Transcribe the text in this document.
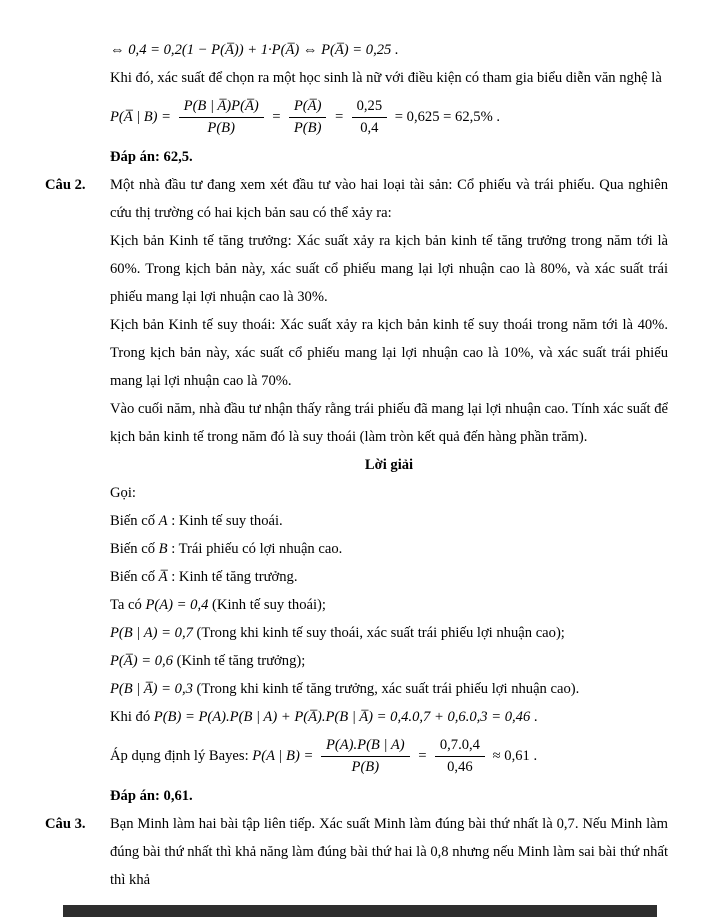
⇔ 0,4 = 0,2(1 − P(A̅)) + 1·P(A̅) ⇔ P(A̅) = 0,25 .

Khi đó, xác suất để chọn ra một học sinh là nữ với điều kiện có tham gia biểu diễn văn nghệ là

P(A̅ | $B) = \frac{P(B | A̅)P(A̅)}{P(B)} = \frac{P(A̅)}{P(B)} = \frac{0,25}{0,4} = 0,625 = 62,5\%$ .

Đáp án: 62,5.

Câu 2. Một nhà đầu tư đang xem xét đầu tư vào hai loại tài sản: Cổ phiếu và trái phiếu. Qua nghiên cứu thị trường có hai kịch bản sau có thể xảy ra:

Kịch bản Kinh tế tăng trưởng: Xác suất xảy ra kịch bản kinh tế tăng trưởng trong năm tới là 60%. Trong kịch bản này, xác suất cổ phiếu mang lại lợi nhuận cao là 80%, và xác suất trái phiếu mang lại lợi nhuận cao là 30%.

Kịch bản Kinh tế suy thoái: Xác suất xảy ra kịch bản kinh tế suy thoái trong năm tới là 40%. Trong kịch bản này, xác suất cổ phiếu mang lại lợi nhuận cao là 10%, và xác suất trái phiếu mang lại lợi nhuận cao là 70%.

Vào cuối năm, nhà đầu tư nhận thấy rằng trái phiếu đã mang lại lợi nhuận cao. Tính xác suất để kịch bản kinh tế trong năm đó là suy thoái (làm tròn kết quả đến hàng phần trăm).

Lời giải

Gọi:

Biến cố A : Kinh tế suy thoái.

Biến cố B : Trái phiếu có lợi nhuận cao.

Biến cố A̅ : Kinh tế tăng trưởng.

Ta có P(A) = 0,4 (Kinh tế suy thoái);

P(B | A) = 0,7 (Trong khi kinh tế suy thoái, xác suất trái phiếu lợi nhuận cao);

P(A̅) = 0,6 (Kinh tế tăng trưởng);

P(B | A̅) = 0,3 (Trong khi kinh tế tăng trưởng, xác suất trái phiếu lợi nhuận cao).

Khi đó P(B) = P(A).P(B | A) + P(A̅).P(B | A̅) = 0,4.0,7 + 0,6.0,3 = 0,46 .

Áp dụng định lý Bayes: P(A | $B) = \frac{P(A).P(B | A)}{P(B)} = \frac{0,7.0,4}{0,46} \approx 0,61$ .

Đáp án: 0,61.

Câu 3. Bạn Minh làm hai bài tập liên tiếp. Xác suất Minh làm đúng bài thứ nhất là 0,7. Nếu Minh làm đúng bài thứ nhất thì khả năng làm đúng bài thứ hai là 0,8 nhưng nếu Minh làm sai bài thứ nhất thì khả
